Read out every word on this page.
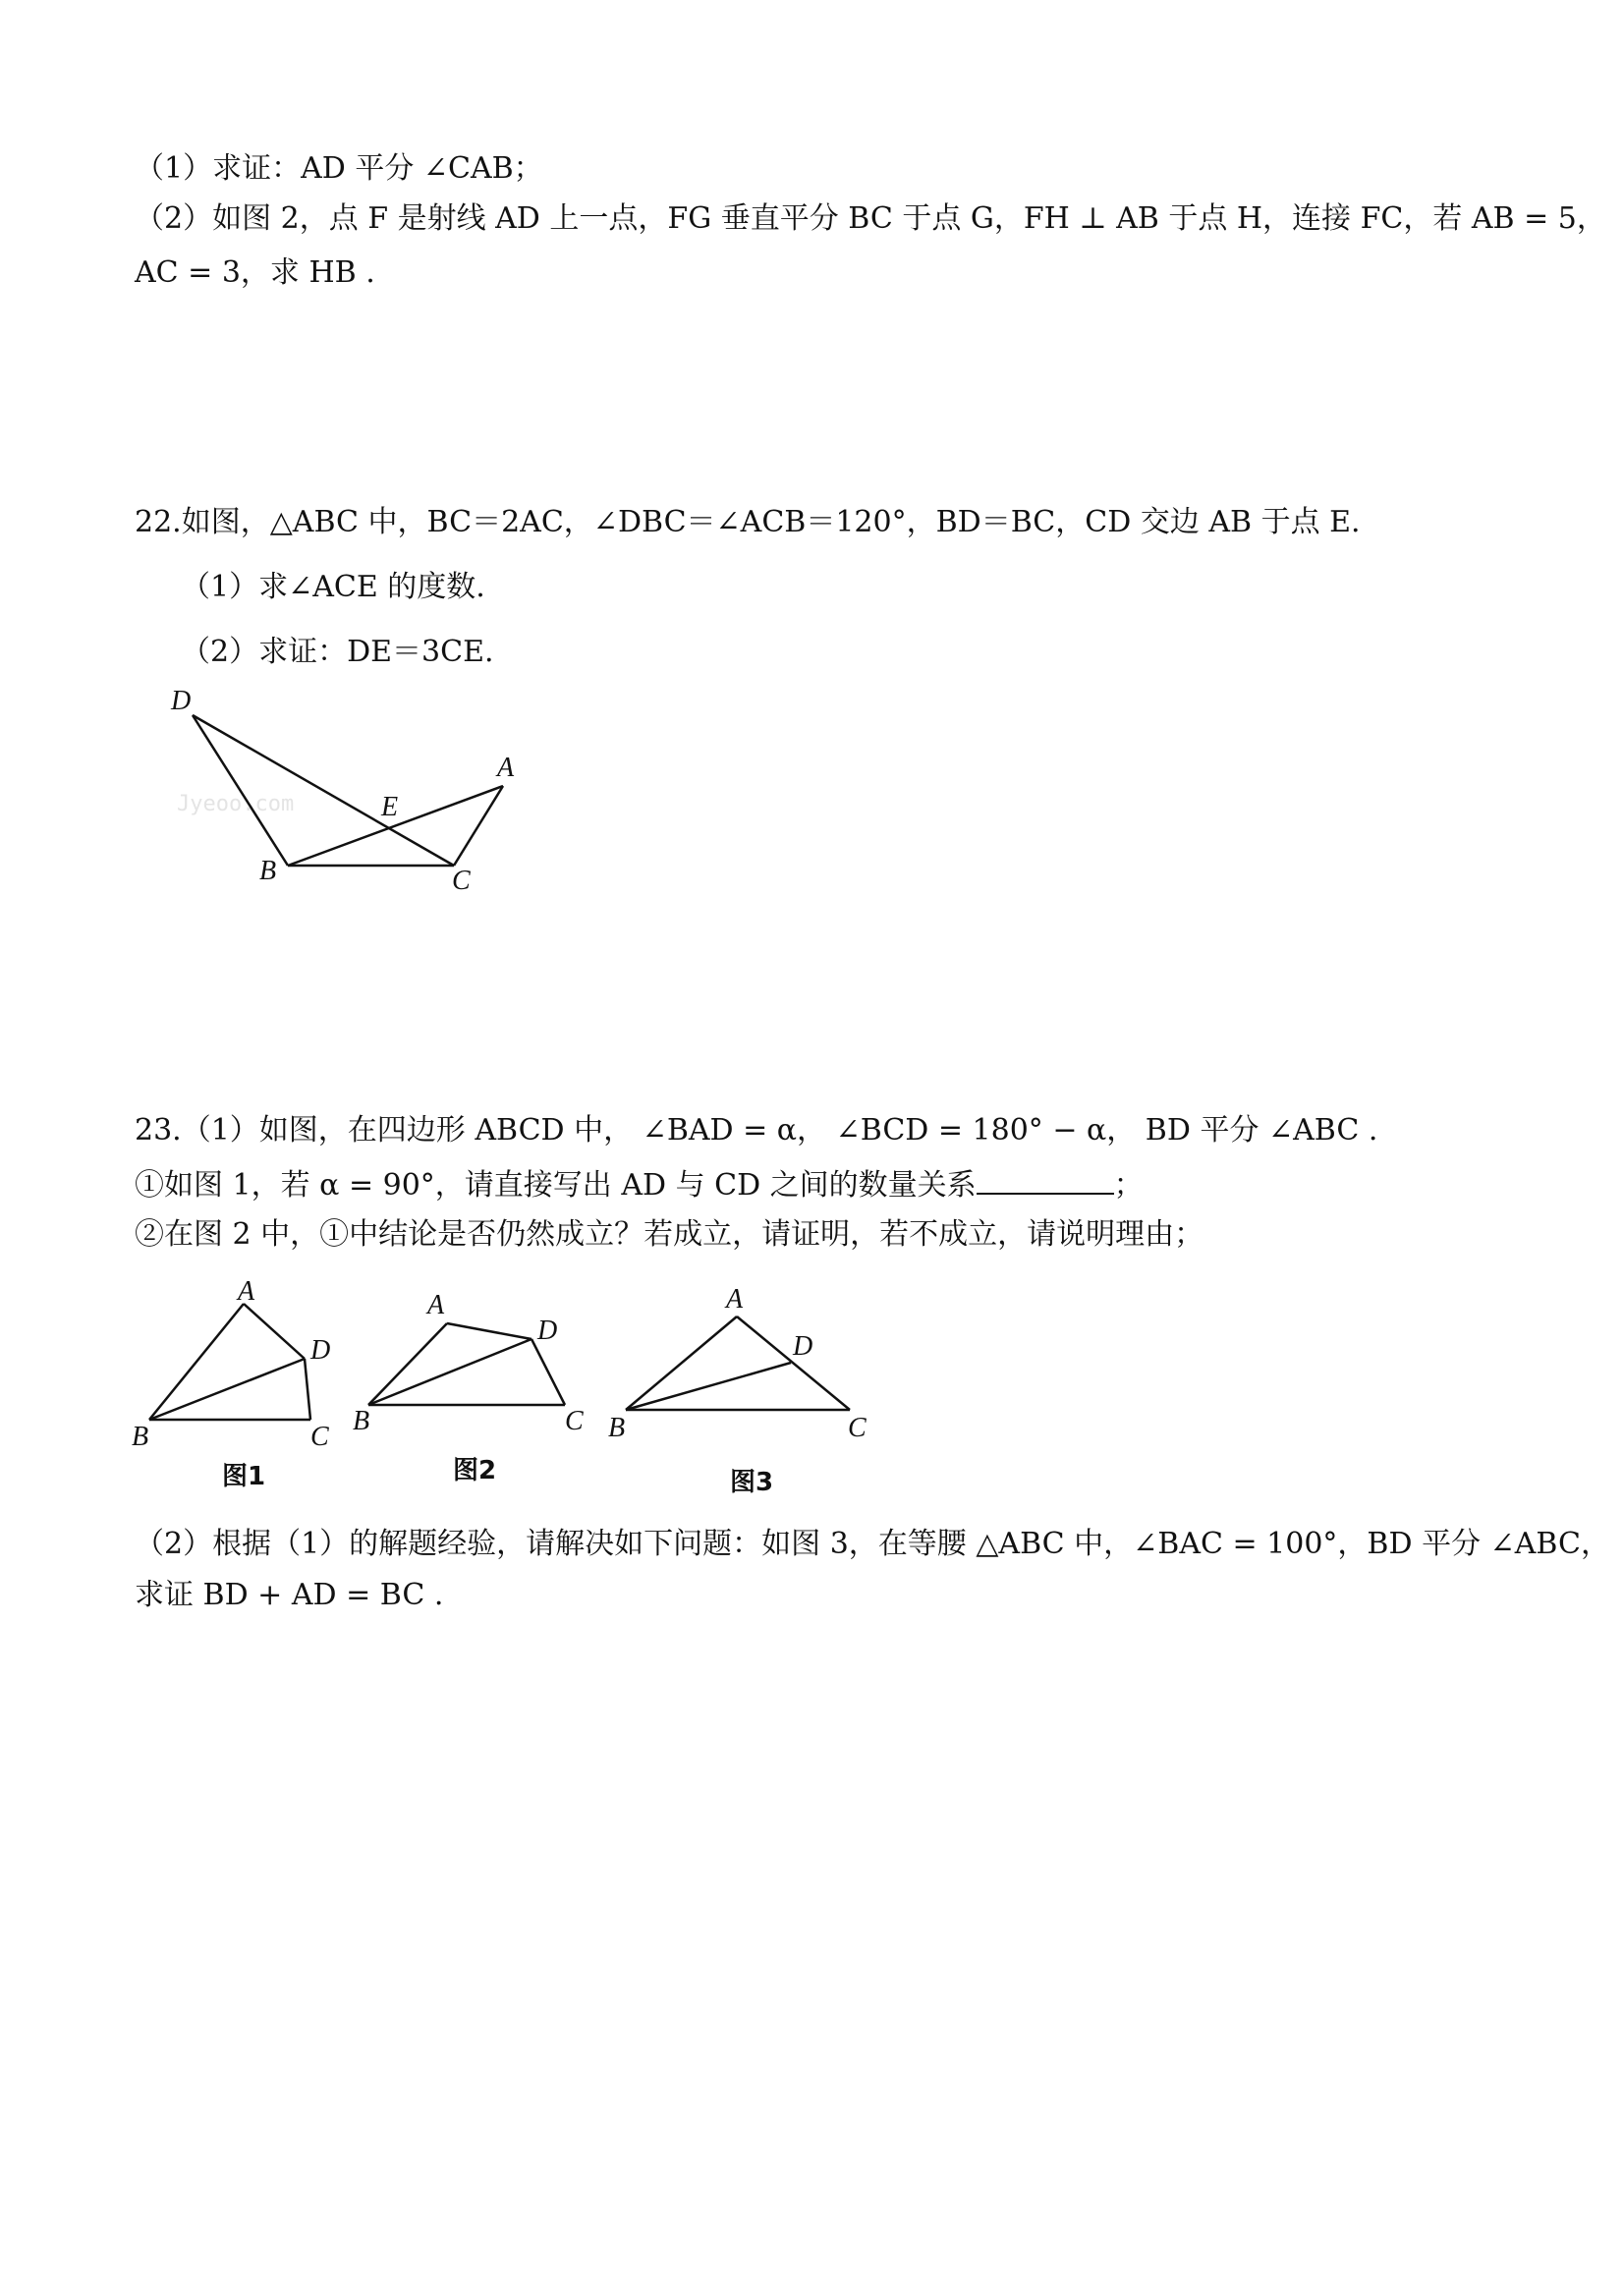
（1）求证：AD 平分 ∠CAB；
（2）如图 2，点 F 是射线 AD 上一点，FG 垂直平分 BC 于点 G，FH ⊥ AB 于点 H，连接 FC，若 AB = 5，
AC = 3，求 HB .
22.如图，△ABC 中，BC＝2AC，∠DBC＝∠ACB＝120°，BD＝BC，CD 交边 AB 于点 E.
（1）求∠ACE 的度数.
（2）求证：DE＝3CE.
Jyeoo.com
D
A
E
B	C
23.（1）如图，在四边形 ABCD 中， ∠BAD = α， ∠BCD = 180° − α， BD 平分 ∠ABC .
①如图 1，若 α = 90°，请直接写出 AD 与 CD 之间的数量关系	；
②在图 2 中，①中结论是否仍然成立？若成立，请证明，若不成立，请说明理由；
A
B	C
D
图1
A
B	C
D
图2
A
B	C
D
图3
（2）根据（1）的解题经验，请解决如下问题：如图 3，在等腰 △ABC 中，∠BAC = 100°，BD 平分 ∠ABC，
求证 BD + AD = BC .
